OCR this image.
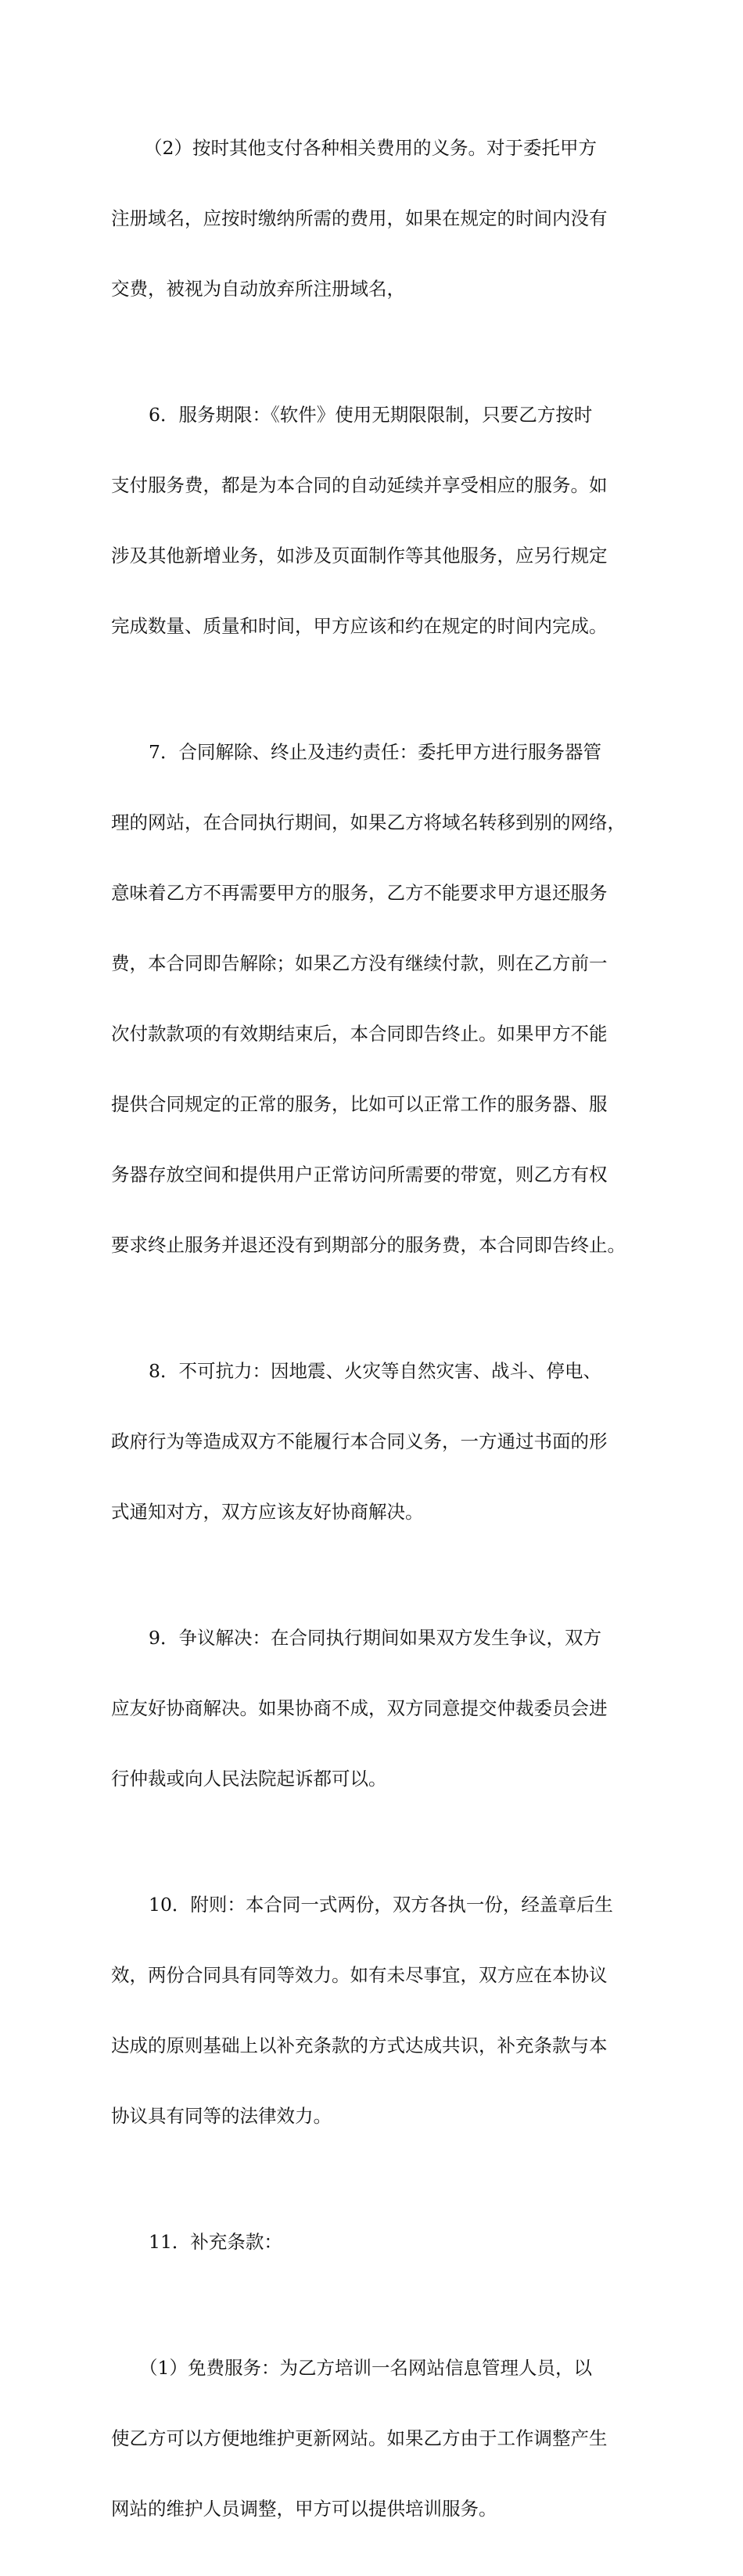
（2）按时其他支付各种相关费用的义务。对于委托甲方

注册域名，应按时缴纳所需的费用，如果在规定的时间内没有

交费，被视为自动放弃所注册域名，

6．服务期限：《软件》使用无期限限制，只要乙方按时

支付服务费，都是为本合同的自动延续并享受相应的服务。如

涉及其他新增业务，如涉及页面制作等其他服务，应另行规定

完成数量、质量和时间，甲方应该和约在规定的时间内完成。

7．合同解除、终止及违约责任：委托甲方进行服务器管

理的网站，在合同执行期间，如果乙方将域名转移到别的网络，

意味着乙方不再需要甲方的服务，乙方不能要求甲方退还服务

费，本合同即告解除；如果乙方没有继续付款，则在乙方前一

次付款款项的有效期结束后，本合同即告终止。如果甲方不能

提供合同规定的正常的服务，比如可以正常工作的服务器、服

务器存放空间和提供用户正常访问所需要的带宽，则乙方有权

要求终止服务并退还没有到期部分的服务费，本合同即告终止。

8．不可抗力：因地震、火灾等自然灾害、战斗、停电、

政府行为等造成双方不能履行本合同义务，一方通过书面的形

式通知对方，双方应该友好协商解决。

9．争议解决：在合同执行期间如果双方发生争议，双方

应友好协商解决。如果协商不成，双方同意提交仲裁委员会进

行仲裁或向人民法院起诉都可以。

10．附则：本合同一式两份，双方各执一份，经盖章后生

效，两份合同具有同等效力。如有未尽事宜，双方应在本协议

达成的原则基础上以补充条款的方式达成共识，补充条款与本

协议具有同等的法律效力。

11．补充条款：

（1）免费服务：为乙方培训一名网站信息管理人员，以

使乙方可以方便地维护更新网站。如果乙方由于工作调整产生

网站的维护人员调整，甲方可以提供培训服务。
